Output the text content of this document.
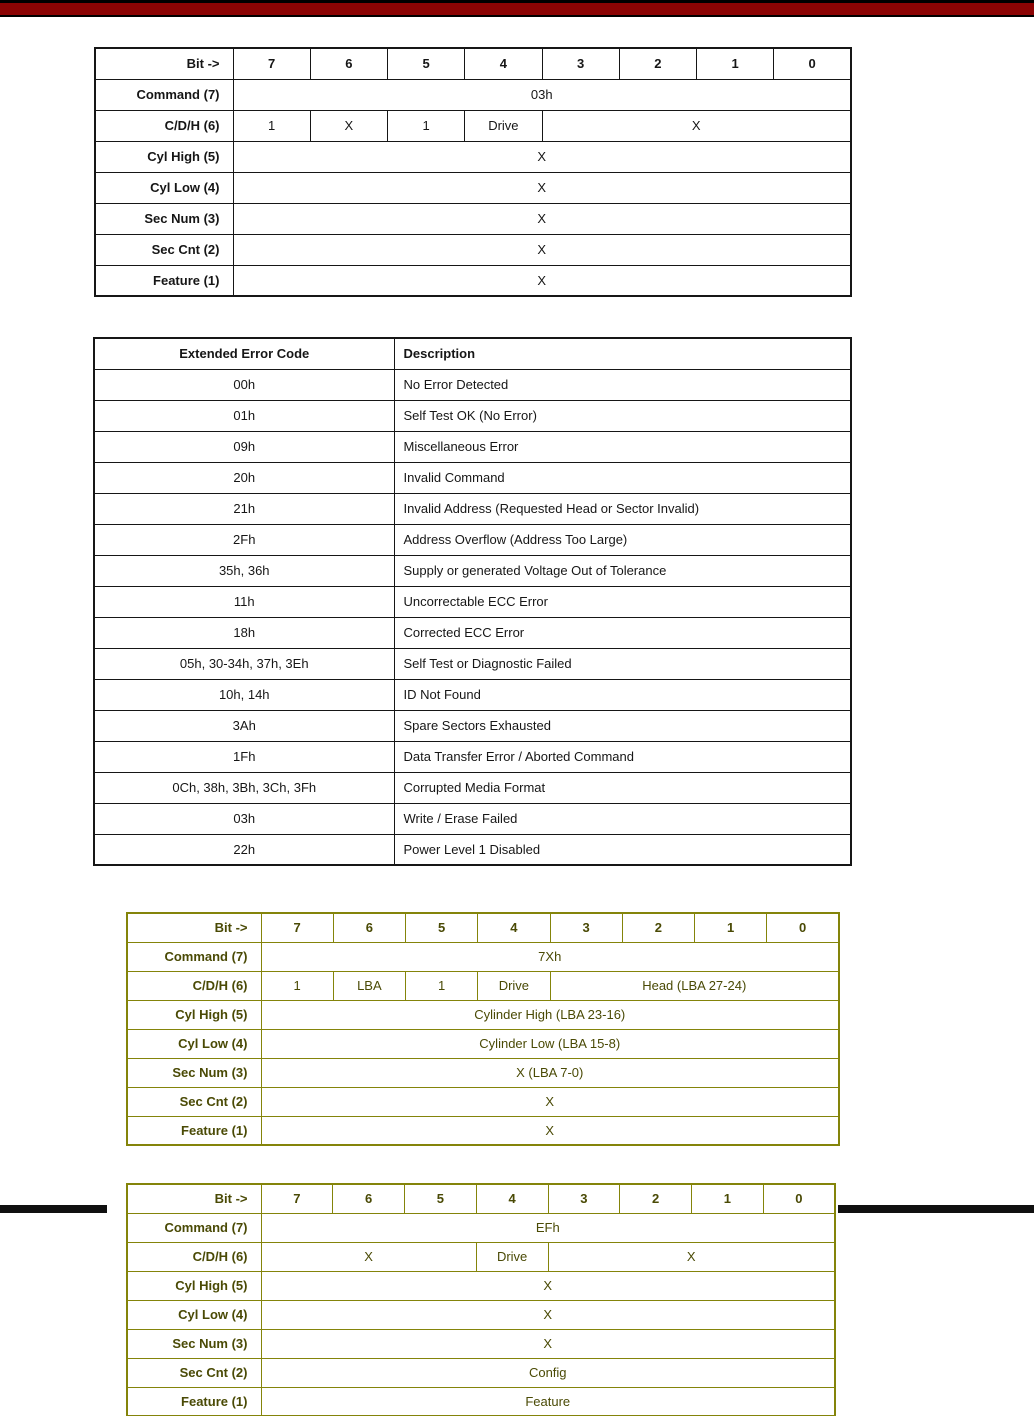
Bit ->	7	6	5	4	3	2	1	0
Command (7)	03h							
C/D/H (6)	1	X	1	Drive	X			
Cyl High (5)	X							
Cyl Low (4)	X							
Sec Num (3)	X							
Sec Cnt (2)	X							
Feature (1)	X							
Extended Error Code	Description
00h	No Error Detected
01h	Self Test OK (No Error)
09h	Miscellaneous Error
20h	Invalid Command
21h	Invalid Address (Requested Head or Sector Invalid)
2Fh	Address Overflow (Address Too Large)
35h, 36h	Supply or generated Voltage Out of Tolerance
11h	Uncorrectable ECC Error
18h	Corrected ECC Error
05h, 30-34h, 37h, 3Eh	Self Test or Diagnostic Failed
10h, 14h	ID Not Found
3Ah	Spare Sectors Exhausted
1Fh	Data Transfer Error / Aborted Command
0Ch, 38h, 3Bh, 3Ch, 3Fh	Corrupted Media Format
03h	Write / Erase Failed
22h	Power Level 1 Disabled
Bit ->	7	6	5	4	3	2	1	0
Command (7)	7Xh							
C/D/H (6)	1	LBA	1	Drive	Head (LBA 27-24)			
Cyl High (5)	Cylinder High (LBA 23-16)							
Cyl Low (4)	Cylinder Low (LBA 15-8)							
Sec Num (3)	X (LBA 7-0)							
Sec Cnt (2)	X							
Feature (1)	X							
Bit ->	7	6	5	4	3	2	1	0
Command (7)	EFh							
C/D/H (6)	X			Drive	X			
Cyl High (5)	X							
Cyl Low (4)	X							
Sec Num (3)	X							
Sec Cnt (2)	Config							
Feature (1)	Feature							
